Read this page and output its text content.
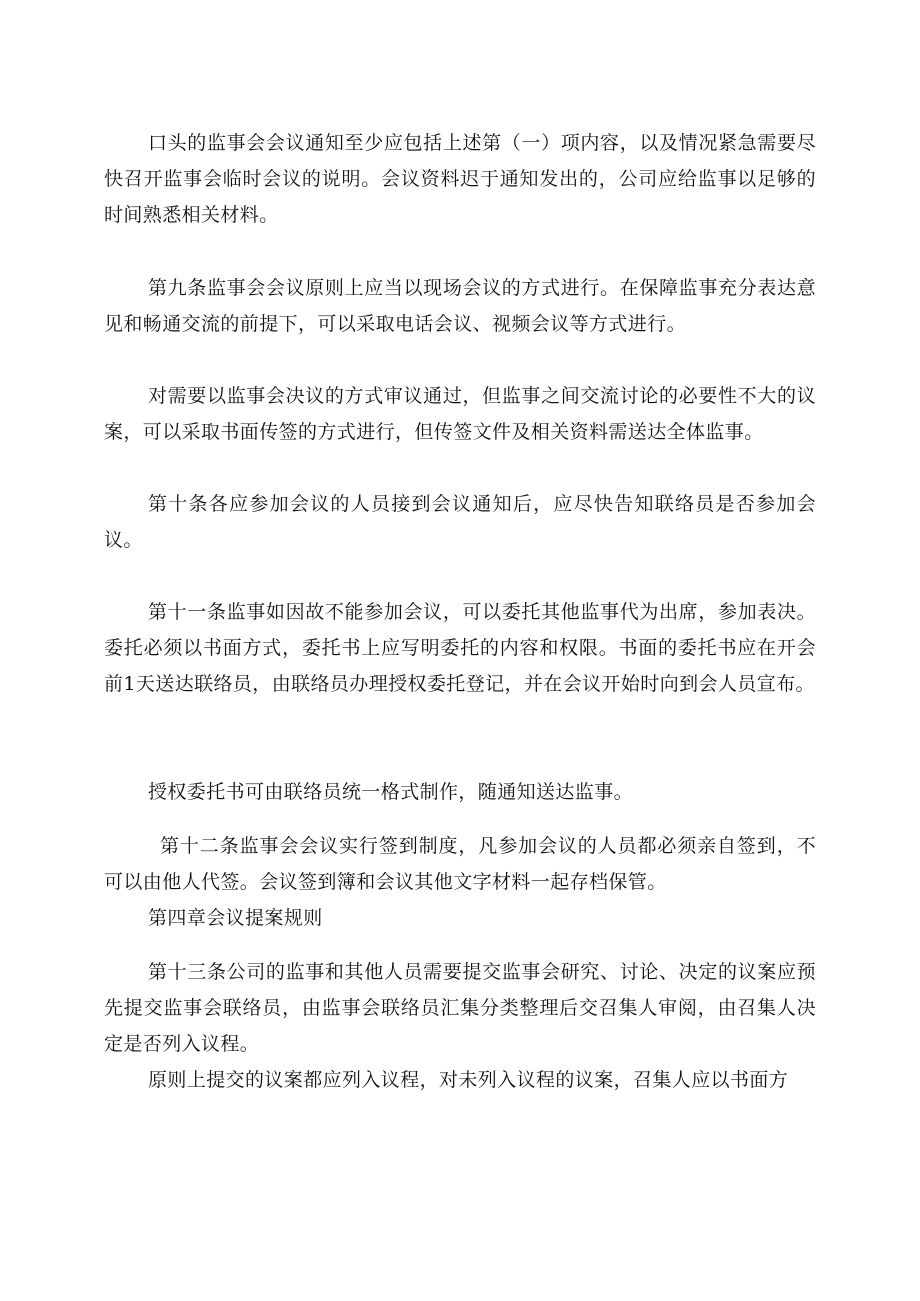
口头的监事会会议通知至少应包括上述第（一）项内容，以及情况紧急需要尽快召开监事会临时会议的说明。会议资料迟于通知发出的，公司应给监事以足够的时间熟悉相关材料。

第九条监事会会议原则上应当以现场会议的方式进行。在保障监事充分表达意见和畅通交流的前提下，可以采取电话会议、视频会议等方式进行。

对需要以监事会决议的方式审议通过，但监事之间交流讨论的必要性不大的议案，可以采取书面传签的方式进行，但传签文件及相关资料需送达全体监事。

第十条各应参加会议的人员接到会议通知后，应尽快告知联络员是否参加会议。

第十一条监事如因故不能参加会议，可以委托其他监事代为出席，参加表决。委托必须以书面方式，委托书上应写明委托的内容和权限。书面的委托书应在开会前1天送达联络员，由联络员办理授权委托登记，并在会议开始时向到会人员宣布。

授权委托书可由联络员统一格式制作，随通知送达监事。

第十二条监事会会议实行签到制度，凡参加会议的人员都必须亲自签到，不可以由他人代签。会议签到簿和会议其他文字材料一起存档保管。

第四章会议提案规则

第十三条公司的监事和其他人员需要提交监事会研究、讨论、决定的议案应预先提交监事会联络员，由监事会联络员汇集分类整理后交召集人审阅，由召集人决定是否列入议程。

原则上提交的议案都应列入议程，对未列入议程的议案，召集人应以书面方
